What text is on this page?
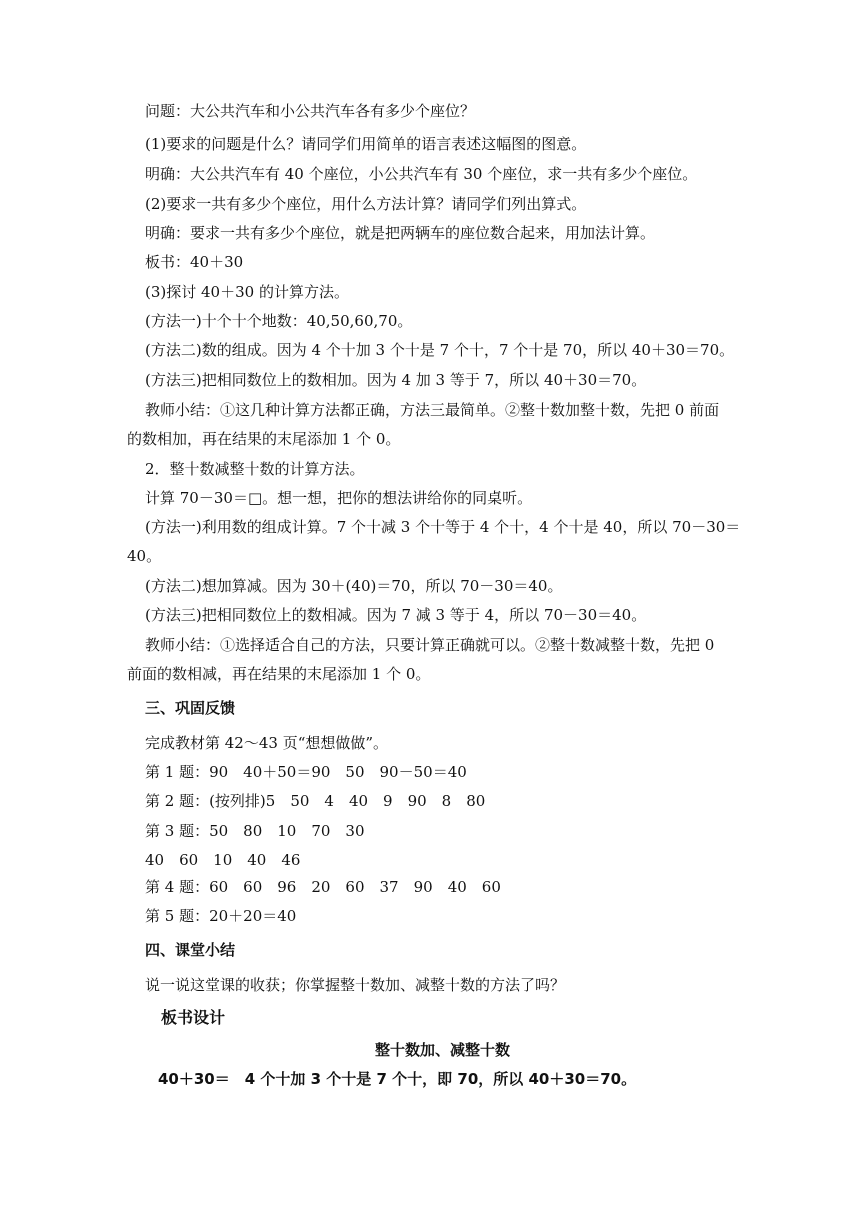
问题：大公共汽车和小公共汽车各有多少个座位？
(1)要求的问题是什么？请同学们用简单的语言表述这幅图的图意。
明确：大公共汽车有 40 个座位，小公共汽车有 30 个座位，求一共有多少个座位。
(2)要求一共有多少个座位，用什么方法计算？请同学们列出算式。
明确：要求一共有多少个座位，就是把两辆车的座位数合起来，用加法计算。
板书：40＋30
(3)探讨 40＋30 的计算方法。
(方法一)十个十个地数：40,50,60,70。
(方法二)数的组成。因为 4 个十加 3 个十是 7 个十，7 个十是 70，所以 40＋30＝70。
(方法三)把相同数位上的数相加。因为 4 加 3 等于 7，所以 40＋30＝70。
教师小结：①这几种计算方法都正确，方法三最简单。②整十数加整十数，先把 0 前面
的数相加，再在结果的末尾添加 1 个 0。
2．整十数减整十数的计算方法。
计算 70－30＝□。想一想，把你的想法讲给你的同桌听。
(方法一)利用数的组成计算。7 个十减 3 个十等于 4 个十，4 个十是 40，所以 70－30＝
40。
(方法二)想加算减。因为 30＋(40)＝70，所以 70－30＝40。
(方法三)把相同数位上的数相减。因为 7 减 3 等于 4，所以 70－30＝40。
教师小结：①选择适合自己的方法，只要计算正确就可以。②整十数减整十数，先把 0
前面的数相减，再在结果的末尾添加 1 个 0。
三、巩固反馈
完成教材第 42～43 页“想想做做”。
第 1 题：90　40＋50＝90　50　90－50＝40
第 2 题：(按列排)5　50　4　40　9　90　8　80
第 3 题：50　80　10　70　30
40　60　10　40　46
第 4 题：60　60　96　20　60　37　90　40　60
第 5 题：20＋20＝40
四、课堂小结
说一说这堂课的收获；你掌握整十数加、减整十数的方法了吗？
板书设计
整十数加、减整十数
40＋30＝　4 个十加 3 个十是 7 个十，即 70，所以 40＋30＝70。
